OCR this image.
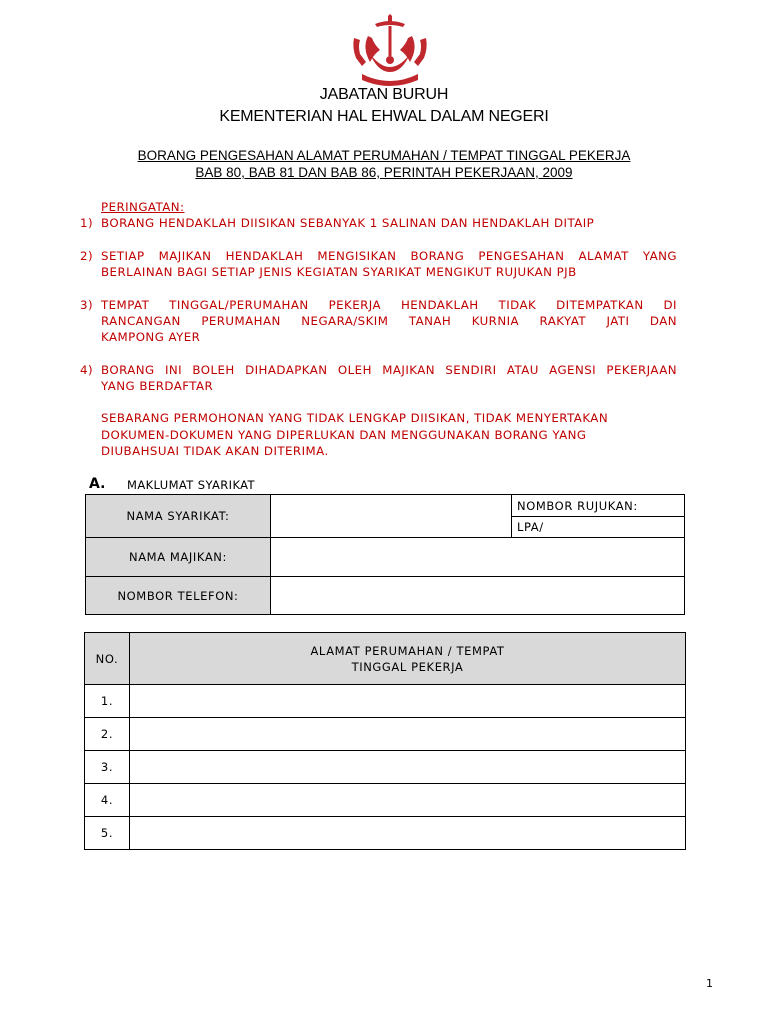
JABATAN BURUH
KEMENTERIAN HAL EHWAL DALAM NEGERI
BORANG PENGESAHAN ALAMAT PERUMAHAN / TEMPAT TINGGAL PEKERJA
BAB 80, BAB 81 DAN BAB 86, PERINTAH PEKERJAAN, 2009
PERINGATAN:
1) BORANG HENDAKLAH DIISIKAN SEBANYAK 1 SALINAN DAN HENDAKLAH DITAIP
2) SETIAP MAJIKAN HENDAKLAH MENGISIKAN BORANG PENGESAHAN ALAMAT YANG
BERLAINAN BAGI SETIAP JENIS KEGIATAN SYARIKAT MENGIKUT RUJUKAN PJB
3) TEMPAT TINGGAL/PERUMAHAN PEKERJA HENDAKLAH TIDAK DITEMPATKAN DI
RANCANGAN PERUMAHAN NEGARA/SKIM TANAH KURNIA RAKYAT JATI DAN
KAMPONG AYER
4) BORANG INI BOLEH DIHADAPKAN OLEH MAJIKAN SENDIRI ATAU AGENSI PEKERJAAN
YANG BERDAFTAR
SEBARANG PERMOHONAN YANG TIDAK LENGKAP DIISIKAN, TIDAK MENYERTAKAN
DOKUMEN-DOKUMEN YANG DIPERLUKAN DAN MENGGUNAKAN BORANG YANG
DIUBAHSUAI TIDAK AKAN DITERIMA.
A. MAKLUMAT SYARIKAT
NAMA SYARIKAT:		NOMBOR RUJUKAN:
		LPA/
NAMA MAJIKAN:		
NOMBOR TELEFON:		
NO.	ALAMAT PERUMAHAN / TEMPAT
TINGGAL PEKERJA

1.	
2.	
3.	
4.	
5.	
1
